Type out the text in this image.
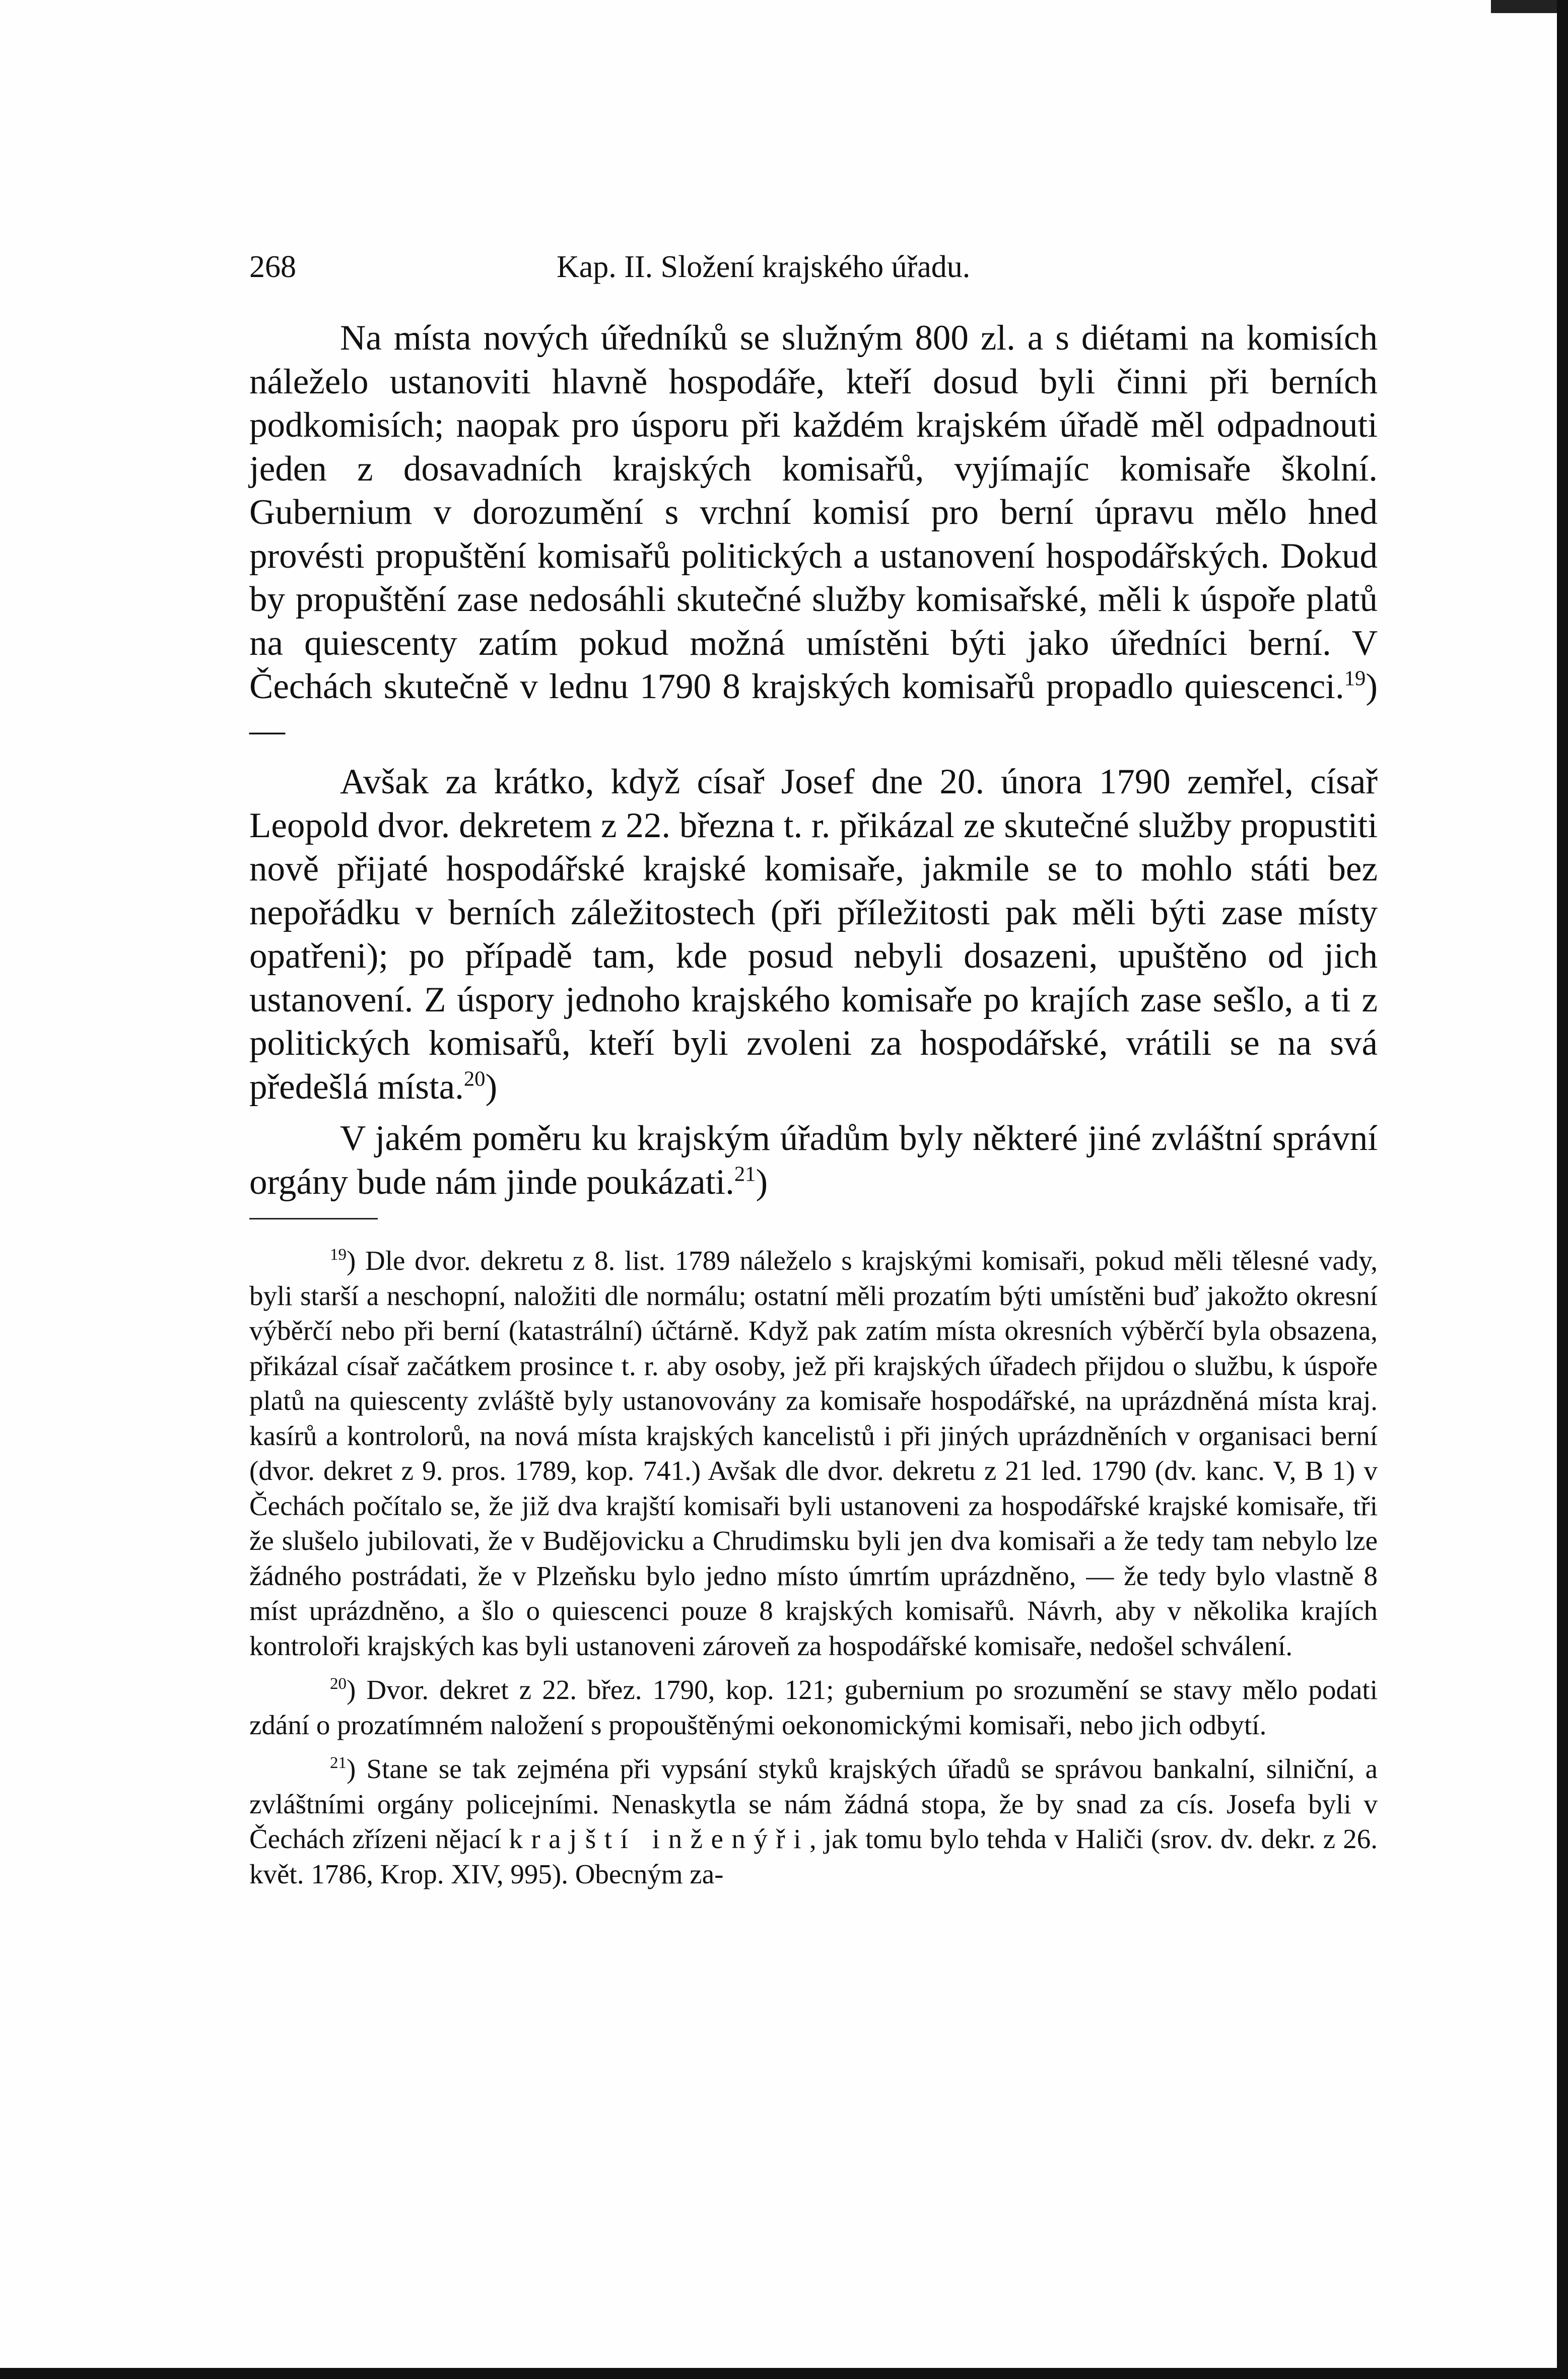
268	Kap. II. Složení krajského úřadu.

Na místa nových úředníků se služným 800 zl. a s diétami na komisích náleželo ustanoviti hlavně hospodáře, kteří dosud byli činni při berních podkomisích; naopak pro úsporu při každém krajském úřadě měl odpadnouti jeden z dosavadních krajských komisařů, vyjímajíc komisaře školní. Gubernium v dorozumění s vrchní komisí pro berní úpravu mělo hned provésti propuštění komisařů politických a ustanovení hospodářských. Dokud by propuštění zase nedosáhli skutečné služby komisařské, měli k úspoře platů na quiescenty zatím pokud možná umístěni býti jako úředníci berní. V Čechách skutečně v lednu 1790 8 krajských komisařů propadlo quiescenci.$^{19}$) —

Avšak za krátko, když císař Josef dne 20. února 1790 zemřel, císař Leopold dvor. dekretem z 22. března t. r. přikázal ze skutečné služby propustiti nově přijaté hospodářské krajské komisaře, jakmile se to mohlo státi bez nepořádku v berních záležitostech (při příležitosti pak měli býti zase místy opatřeni); po případě tam, kde posud nebyli dosazeni, upuštěno od jich ustanovení. Z úspory jednoho krajského komisaře po krajích zase sešlo, a ti z politických komisařů, kteří byli zvoleni za hospodářské, vrátili se na svá předešlá místa.$^{20}$)

V jakém poměru ku krajským úřadům byly některé jiné zvláštní správní orgány bude nám jinde poukázati.$^{21}$)

$^{19}$) Dle dvor. dekretu z 8. list. 1789 náleželo s krajskými komisaři, pokud měli tělesné vady, byli starší a neschopní, naložiti dle normálu; ostatní měli prozatím býti umístěni buď jakožto okresní výběrčí nebo při berní (katastrální) účtárně. Když pak zatím místa okresních výběrčí byla obsazena, přikázal císař začátkem prosince t. r. aby osoby, jež při krajských úřadech přijdou o službu, k úspoře platů na quiescenty zvláště byly ustanovovány za komisaře hospodářské, na uprázdněná místa kraj. kasírů a kontrolorů, na nová místa krajských kancelistů i při jiných uprázdněních v organisaci berní (dvor. dekret z 9. pros. 1789, kop. 741.) Avšak dle dvor. dekretu z 21 led. 1790 (dv. kanc. V, B 1) v Čechách počítalo se, že již dva krajští komisaři byli ustanoveni za hospodářské krajské komisaře, tři že slušelo jubilovati, že v Budějovicku a Chrudimsku byli jen dva komisaři a že tedy tam nebylo lze žádného postrádati, že v Plzeňsku bylo jedno místo úmrtím uprázdněno, — že tedy bylo vlastně 8 míst uprázdněno, a šlo o quiescenci pouze 8 krajských komisařů. Návrh, aby v několika krajích kontroloři krajských kas byli ustanoveni zároveň za hospodářské komisaře, nedošel schválení.

$^{20}$) Dvor. dekret z 22. břez. 1790, kop. 121; gubernium po srozumění se stavy mělo podati zdání o prozatímném naložení s propouštěnými oekonomickými komisaři, nebo jich odbytí.

$^{21}$) Stane se tak zejména při vypsání styků krajských úřadů se správou bankalní, silniční, a zvláštními orgány policejními. Nenaskytla se nám žádná stopa, že by snad za cís. Josefa byli v Čechách zřízeni nějací krajští inženýři, jak tomu bylo tehda v Haliči (srov. dv. dekr. z 26. květ. 1786, Krop. XIV, 995). Obecným za-
